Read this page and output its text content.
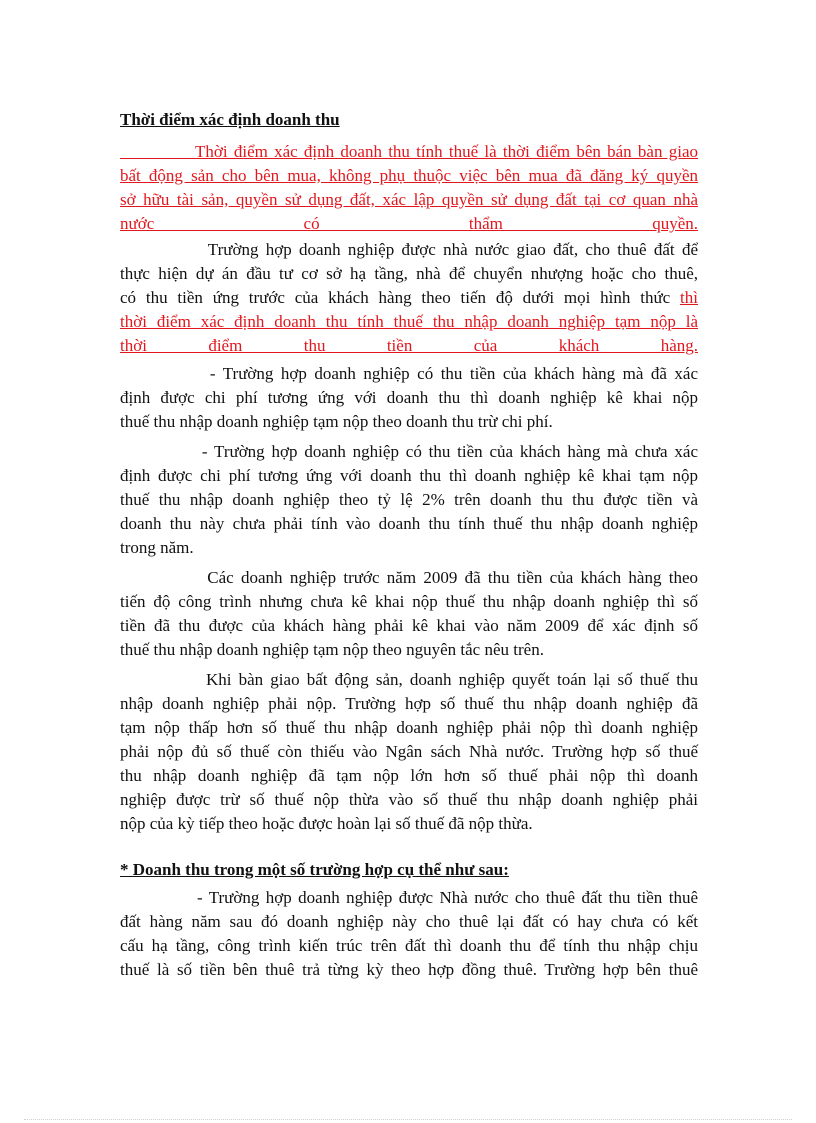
Thời điểm xác định doanh thu
Thời điểm xác định doanh thu tính thuế là thời điểm bên bán bàn giao
bất động sản cho bên mua, không phụ thuộc việc bên mua đã đăng ký quyền
sở hữu tài sản, quyền sử dụng đất, xác lập quyền sử dụng đất tại cơ quan nhà
nước có thẩm quyền.
Trường hợp doanh nghiệp được nhà nước giao đất, cho thuê đất để
thực hiện dự án đầu tư cơ sở hạ tầng, nhà để chuyển nhượng hoặc cho thuê,
có thu tiền ứng trước của khách hàng theo tiến độ dưới mọi hình thức thì
thời điểm xác định doanh thu tính thuế thu nhập doanh nghiệp tạm nộp là
thời điểm thu tiền của khách hàng.
- Trường hợp doanh nghiệp có thu tiền của khách hàng mà đã xác
định được chi phí tương ứng với doanh thu thì doanh nghiệp kê khai nộp
thuế thu nhập doanh nghiệp tạm nộp theo doanh thu trừ chi phí.
- Trường hợp doanh nghiệp có thu tiền của khách hàng mà chưa xác
định được chi phí tương ứng với doanh thu thì doanh nghiệp kê khai tạm nộp
thuế thu nhập doanh nghiệp theo tỷ lệ 2% trên doanh thu thu được tiền và
doanh thu này chưa phải tính vào doanh thu tính thuế thu nhập doanh nghiệp
trong năm.
Các doanh nghiệp trước năm 2009 đã thu tiền của khách hàng theo
tiến độ công trình nhưng chưa kê khai nộp thuế thu nhập doanh nghiệp thì số
tiền đã thu được của khách hàng phải kê khai vào năm 2009 để xác định số
thuế thu nhập doanh nghiệp tạm nộp theo nguyên tắc nêu trên.
Khi bàn giao bất động sản, doanh nghiệp quyết toán lại số thuế thu
nhập doanh nghiệp phải nộp. Trường hợp số thuế thu nhập doanh nghiệp đã
tạm nộp thấp hơn số thuế thu nhập doanh nghiệp phải nộp thì doanh nghiệp
phải nộp đủ số thuế còn thiếu vào Ngân sách Nhà nước. Trường hợp số thuế
thu nhập doanh nghiệp đã tạm nộp lớn hơn số thuế phải nộp thì doanh
nghiệp được trừ số thuế nộp thừa vào số thuế thu nhập doanh nghiệp phải
nộp của kỳ tiếp theo hoặc được hoàn lại số thuế đã nộp thừa.
* Doanh thu trong một số trường hợp cụ thể như sau:
- Trường hợp doanh nghiệp được Nhà nước cho thuê đất thu tiền thuê
đất hàng năm sau đó doanh nghiệp này cho thuê lại đất có hay chưa có kết
cấu hạ tầng, công trình kiến trúc trên đất thì doanh thu để tính thu nhập chịu
thuế là số tiền bên thuê trả từng kỳ theo hợp đồng thuê. Trường hợp bên thuê
